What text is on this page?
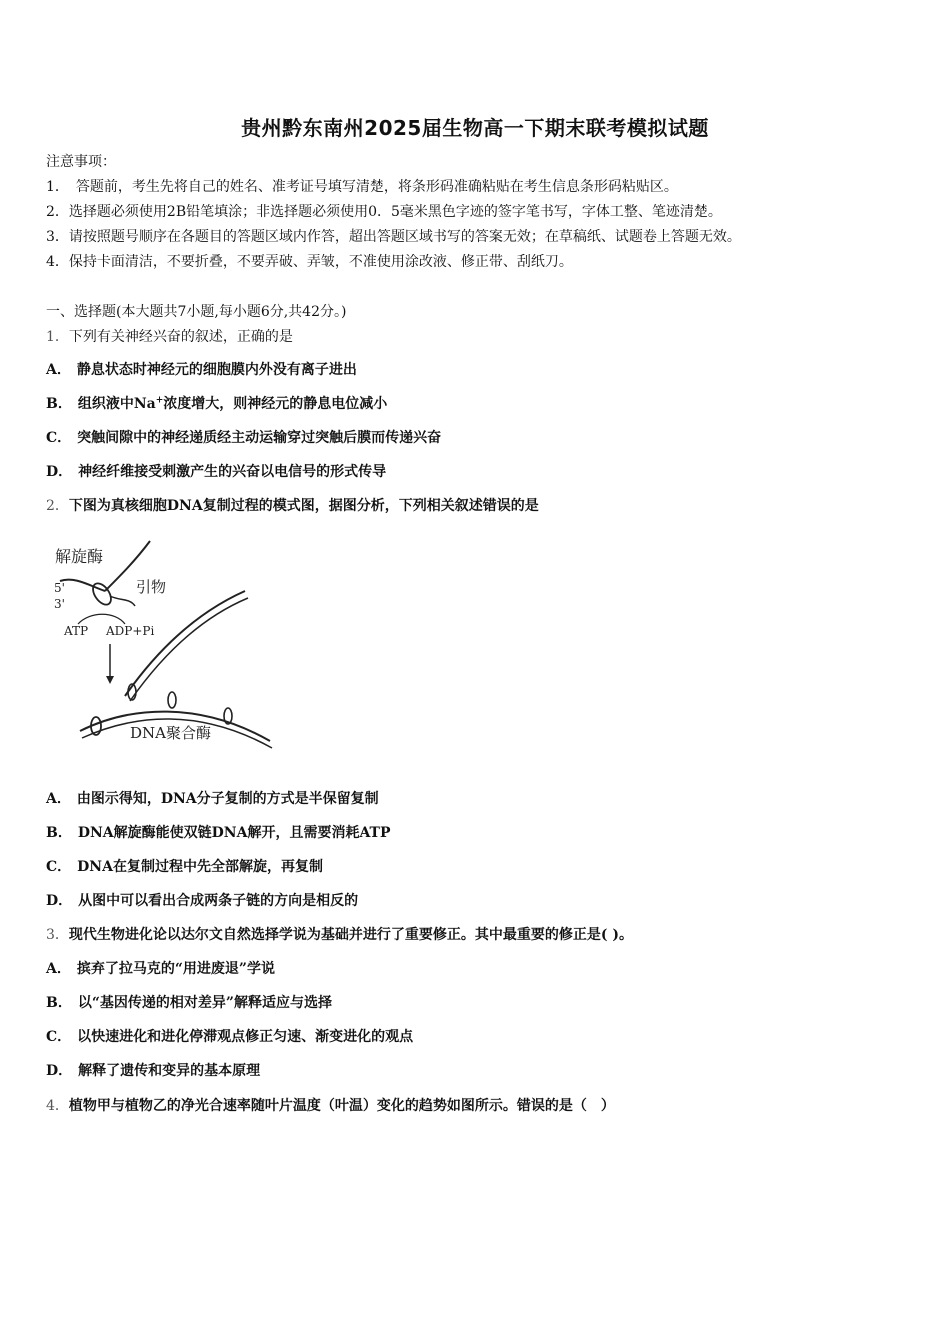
贵州黔东南州2025届生物高一下期末联考模拟试题
注意事项：
1．　答题前，考生先将自己的姓名、准考证号填写清楚，将条形码准确粘贴在考生信息条形码粘贴区。
2．选择题必须使用2B铅笔填涂；非选择题必须使用0．5毫米黑色字迹的签字笔书写，字体工整、笔迹清楚。
3．请按照题号顺序在各题目的答题区域内作答，超出答题区域书写的答案无效；在草稿纸、试题卷上答题无效。
4．保持卡面清洁，不要折叠，不要弄破、弄皱，不准使用涂改液、修正带、刮纸刀。
一、选择题(本大题共7小题,每小题6分,共42分。)
1．下列有关神经兴奋的叙述，正确的是
A． 静息状态时神经元的细胞膜内外没有离子进出
B． 组织液中Na+浓度增大，则神经元的静息电位减小
C． 突触间隙中的神经递质经主动运输穿过突触后膜而传递兴奋
D． 神经纤维接受刺激产生的兴奋以电信号的形式传导
2．下图为真核细胞DNA复制过程的模式图，据图分析，下列相关叙述错误的是
解旋酶
引物
5'
3'
ATP ADP+Pi
DNA聚合酶
A． 由图示得知，DNA分子复制的方式是半保留复制
B． DNA解旋酶能使双链DNA解开，且需要消耗ATP
C． DNA在复制过程中先全部解旋，再复制
D． 从图中可以看出合成两条子链的方向是相反的
3．现代生物进化论以达尔文自然选择学说为基础并进行了重要修正。其中最重要的修正是( )。
A． 摈弃了拉马克的“用进废退”学说
B． 以“基因传递的相对差异”解释适应与选择
C． 以快速进化和进化停滞观点修正匀速、渐变进化的观点
D． 解释了遗传和变异的基本原理
4．植物甲与植物乙的净光合速率随叶片温度（叶温）变化的趋势如图所示。错误的是（　）
